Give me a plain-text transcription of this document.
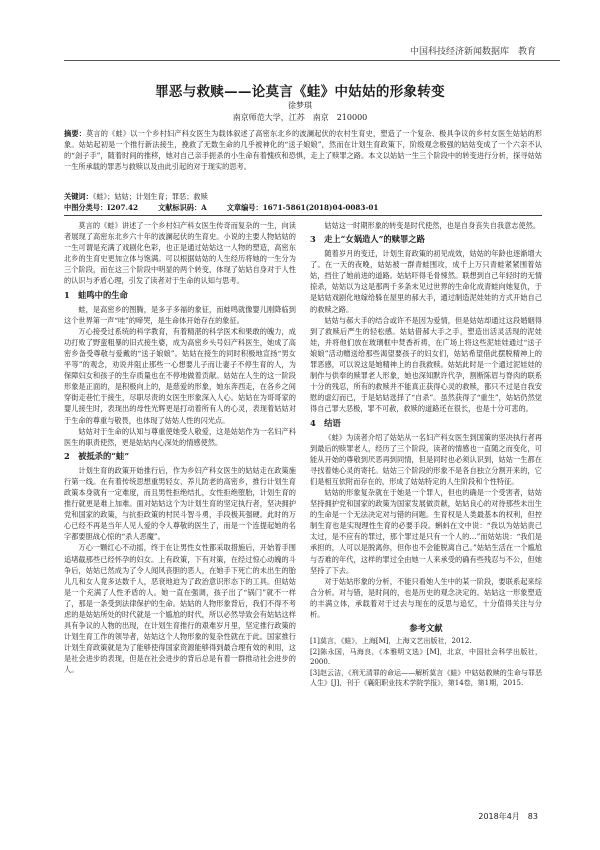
中国科技经济新闻数据库　教育
罪恶与救赎——论莫言《蛙》中姑姑的形象转变
徐梦琪
南京师范大学，江苏　南京　210000

摘要：莫言的《蛙》以一个乡村妇产科女医生为载体叙述了高密东北乡的波澜起伏的农村生育史，塑造了一个复杂、极具争议的乡村女医生姑姑的形象。姑姑起初是一个推行新法接生，挽救了无数生命的几乎被神化的“送子娘娘”，然而在计划生育政策下，阶级观念极强的姑姑变成了一个六亲不认的“刽子手”，随着时间的推移，她对自己亲手扼杀的小生命有着愧疚和恐惧，走上了赎罪之路。本文以姑姑一生三个阶段中的转变进行分析，探寻姑姑一生所承载的罪恶与救赎以及由此引起的对于现实的思考。

关键词：《蛙》；姑姑；计划生育；罪恶；救赎

中图分类号：I207.42	文献标识码：A	文章编号：1671-5861(2018)04-0083-01

莫言的《蛙》讲述了一个乡村妇产科女医生传奇而复杂的一生，向读者展现了高密东北乡六十年的波澜起伏的生育史。小说的主要人物姑姑的一生可谓是充满了戏剧化色彩，也正是通过姑姑这一人物的塑造，高密东北乡的生育史更加立体与饱满。可以根据姑姑的人生经历将她的一生分为三个阶段，而在这三个阶段中明显的两个转变，体现了姑姑自身对于人性的认识与矛盾心理，引发了读者对于生命的认知与思考。

1　蛙鸣中的生命

蛙，是高密乡的图腾，是多子多福的象征，而蛙鸣就像婴儿刚降临到这个世界第一声“哇”的啼哭，是生命体开始存在的象征。

万心接受过系统的科学教育，有着精湛的科学医术和果敢的魄力，成功打败了野蛮粗暴的旧式接生婆，成为高密乡头号妇产科医生，她成了高密乡备受尊敬与爱戴的“送子娘娘”。姑姑在接生的同时积极地宣扬“男女平等”的观念，劝说并阻止那些一心想要儿子而让妻子不停生育的人，为保障妇女和孩子的生存质量也在不停地做着贡献。姑姑在人生的这一阶段形象是正面的，是积极向上的，是慈爱的形象，她东奔西走，在各乡之间穿街走巷忙于接生，尽职尽责的女医生形象深入人心。姑姑在为哥哥家的婴儿接生时，表现出的母性光辉更是打动着所有人的心灵，表现着姑姑对于生命的尊重与敬畏，也体现了姑姑人性的闪光点。

姑姑对于生命的认知与尊重使她受人敬爱，这是姑姑作为一名妇产科医生的职责使然，更是姑姑内心深处的情感使然。

2　被抵杀的“蛙”

计划生育的政策开始推行后，作为乡妇产科女医生的姑姑走在政策施行第一线。在有着传统思想重男轻女、养儿防老的高密乡，推行计划生育政策本身就有一定难度，而且男性拒绝结扎，女性拒绝堕胎，计划生育的推行就更是难上加难。面对姑姑这个为计划生育的坚定执行者，坚决拥护党和国家的政策，与抗拒政策的村民斗智斗勇，手段极其强硬。此时的万心已经不再是当年人见人爱的令人尊敬的医生了，而是一个连提起她的名字都要胆战心惊的“杀人恶魔”。

万心一颗红心不动摇，终于在让男性女性都采取措施后，开始着手围追堵截那些已经怀孕的妇女。上有政策，下有对策，在经过惊心动魄的斗争后，姑姑已然成为了令人闻风丧胆的恶人，在她手下死亡的未出生的胎儿几和女人竟多达数千人，恶衰地迫为了政治意识形态下的工具。但姑姑是一个充满了人性矛盾的人。她一直在强调，孩子出了“锅门”就不一样了，那是一条受到法律保护的生命。姑姑的人物形象背后，我们不得不考虑的是姑姑所处的时代就是一个尴尬的时代，所以必然导致会有姑姑这样具有争议的人物的出现，在计划生育推行的艰难岁月里，坚定推行政策的计划生育工作的领导者，姑姑这个人物形象的复杂性就在于此。国家推行计划生育政策就是为了能够使得国家资源能够得到最合理有效的利用，这是社会进步的表现，但是在社会进步的背后总是有着一群推动社会进步的人。

姑姑这一时期形象的转变是时代使然，也是自身丧失自我意志使然。

3　走上“女娲造人”的赎罪之路

随着岁月的变迁，计划生育政策的初见成效，姑姑的年龄也逐渐增大了。在一天的夜晚，姑姑被一群青蛙围攻，成千上万只青蛙紧紧围着姑姑，挡住了她前进的道路。姑姑吓得毛骨悚然。联想到自己年轻时的无情掠杀，姑姑以为这是那两千多条未见过世界的生命化成青蛙向她复仇，于是姑姑戏剧化地嫁给躲在屋里的郝大手，通过制造泥娃娃的方式开始自己的救赎之路。

姑姑与郝大手的结合或许不是因为爱情，但是姑姑却通过这段婚姻得到了救赎后严生的轻松感。姑姑借郝大手之手，塑造出活灵活现的泥娃娃，并将他们放在玻璃框中焚香祈祷，在广场上将这些泥娃娃通过“送子娘娘”活动赠送给那些渴望要孩子的妇女们，姑姑希望借此摆脱精神上的罪恶感，可以说这是她精神上的自我救赎。姑姑此时是一个通过泥娃娃的制作与供奉的赎罪老人形象，她也深知默许代孕，割断陈眉与脊肉的联系十分的残忍，所有的救赎并不能真正获得心灵的救赎，都只不过是自我安慰的虚幻而已，于是姑姑选择了“自杀”。虽然获得了“重生”，姑姑仍然觉得自己罪大恶极，罪不可赦，救赎的道路还在很长，也是十分可悲的。

4　结语

《蛙》为读者介绍了姑姑从一名妇产科女医生到国策的坚决执行者再到最后的赎罪老人，经历了三个阶段，读者的情感也一直随之而变化，可能从开始的尊敬到厌恶再到同情，但是同时也必须认识到，姑姑一生都在寻找着她心灵的寄托。姑姑三个阶段的形象不是各自独立分割开来的，它们是相互依附而存在的，形成了姑姑特定的人生阶段和个性特征。

姑姑的形象复杂就在于她是一个罪人，但也的确是一个受害者，姑姑坚持拥护党和国家的政策为国家发展做贡献，姑姑良心的对待那些未出生的生命是一个无法决定对与错的问题。生育权是人类最基本的权利，但控制生育也是实现理性生育的必要手段。蝌蚪在文中说：“我以为姑姑责己太过，是不应有的罪过，那个罪过是只有一个人的…”而姑姑说：“我们是承担的，人可以是脱离你，但你也不会能脱离自己。”姑姑生活在一个尴尬与否难的年代，这样的罪过全由她一人来承受的确有些残忍与不公，但她坚持了下去。

对于姑姑形象的分析，不能只看她人生中的某一阶段，要联系起来综合分析。对与错，是时间的，也是历史的观念决定的。姑姑这一形象塑造的丰满立体，承载着对于过去与现在的反思与追忆，十分值得关注与分析。

参考文献

[1]莫言，《蛙》，上海[M]，上海文艺出版社，2012.

[2]陈永国，马海良，《本雅明文选》[M]，北京，中国社会科学出版社，2000.

[3]赵云洁，《刑无清罪的命运——解析莫言《蛙》中姑姑救赎的生命与罪恶人生》[J]，刊于《襄阳职业技术学院学报》，第14卷，第1期，2015.

2018年4月　83
